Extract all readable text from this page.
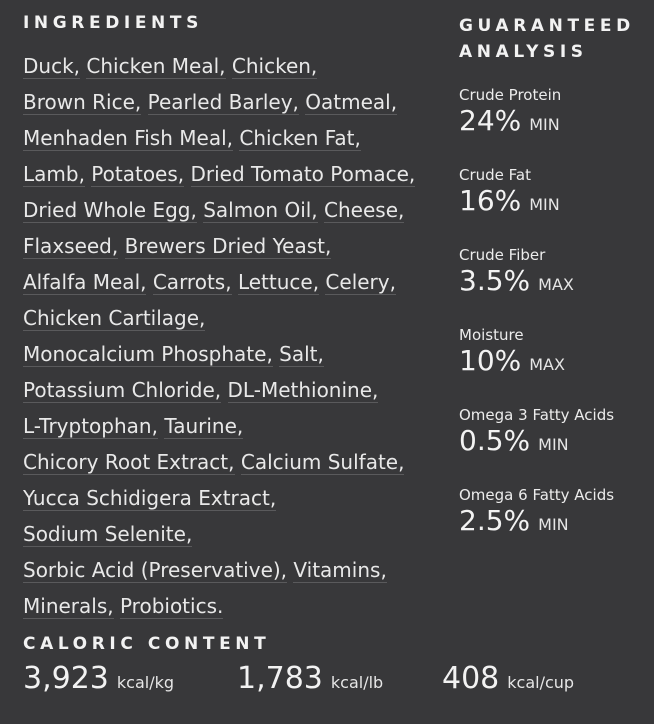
INGREDIENTS
Duck, Chicken Meal, Chicken, Brown Rice, Pearled Barley, Oatmeal, Menhaden Fish Meal, Chicken Fat, Lamb, Potatoes, Dried Tomato Pomace, Dried Whole Egg, Salmon Oil, Cheese, Flaxseed, Brewers Dried Yeast, Alfalfa Meal, Carrots, Lettuce, Celery, Chicken Cartilage, Monocalcium Phosphate, Salt, Potassium Chloride, DL-Methionine, L-Tryptophan, Taurine, Chicory Root Extract, Calcium Sulfate, Yucca Schidigera Extract, Sodium Selenite, Sorbic Acid (Preservative), Vitamins, Minerals, Probiotics.
GUARANTEED ANALYSIS
Crude Protein
24% MIN
Crude Fat
16% MIN
Crude Fiber
3.5% MAX
Moisture
10% MAX
Omega 3 Fatty Acids
0.5% MIN
Omega 6 Fatty Acids
2.5% MIN
CALORIC CONTENT
3,923 kcal/kg 1,783 kcal/lb 408 kcal/cup
